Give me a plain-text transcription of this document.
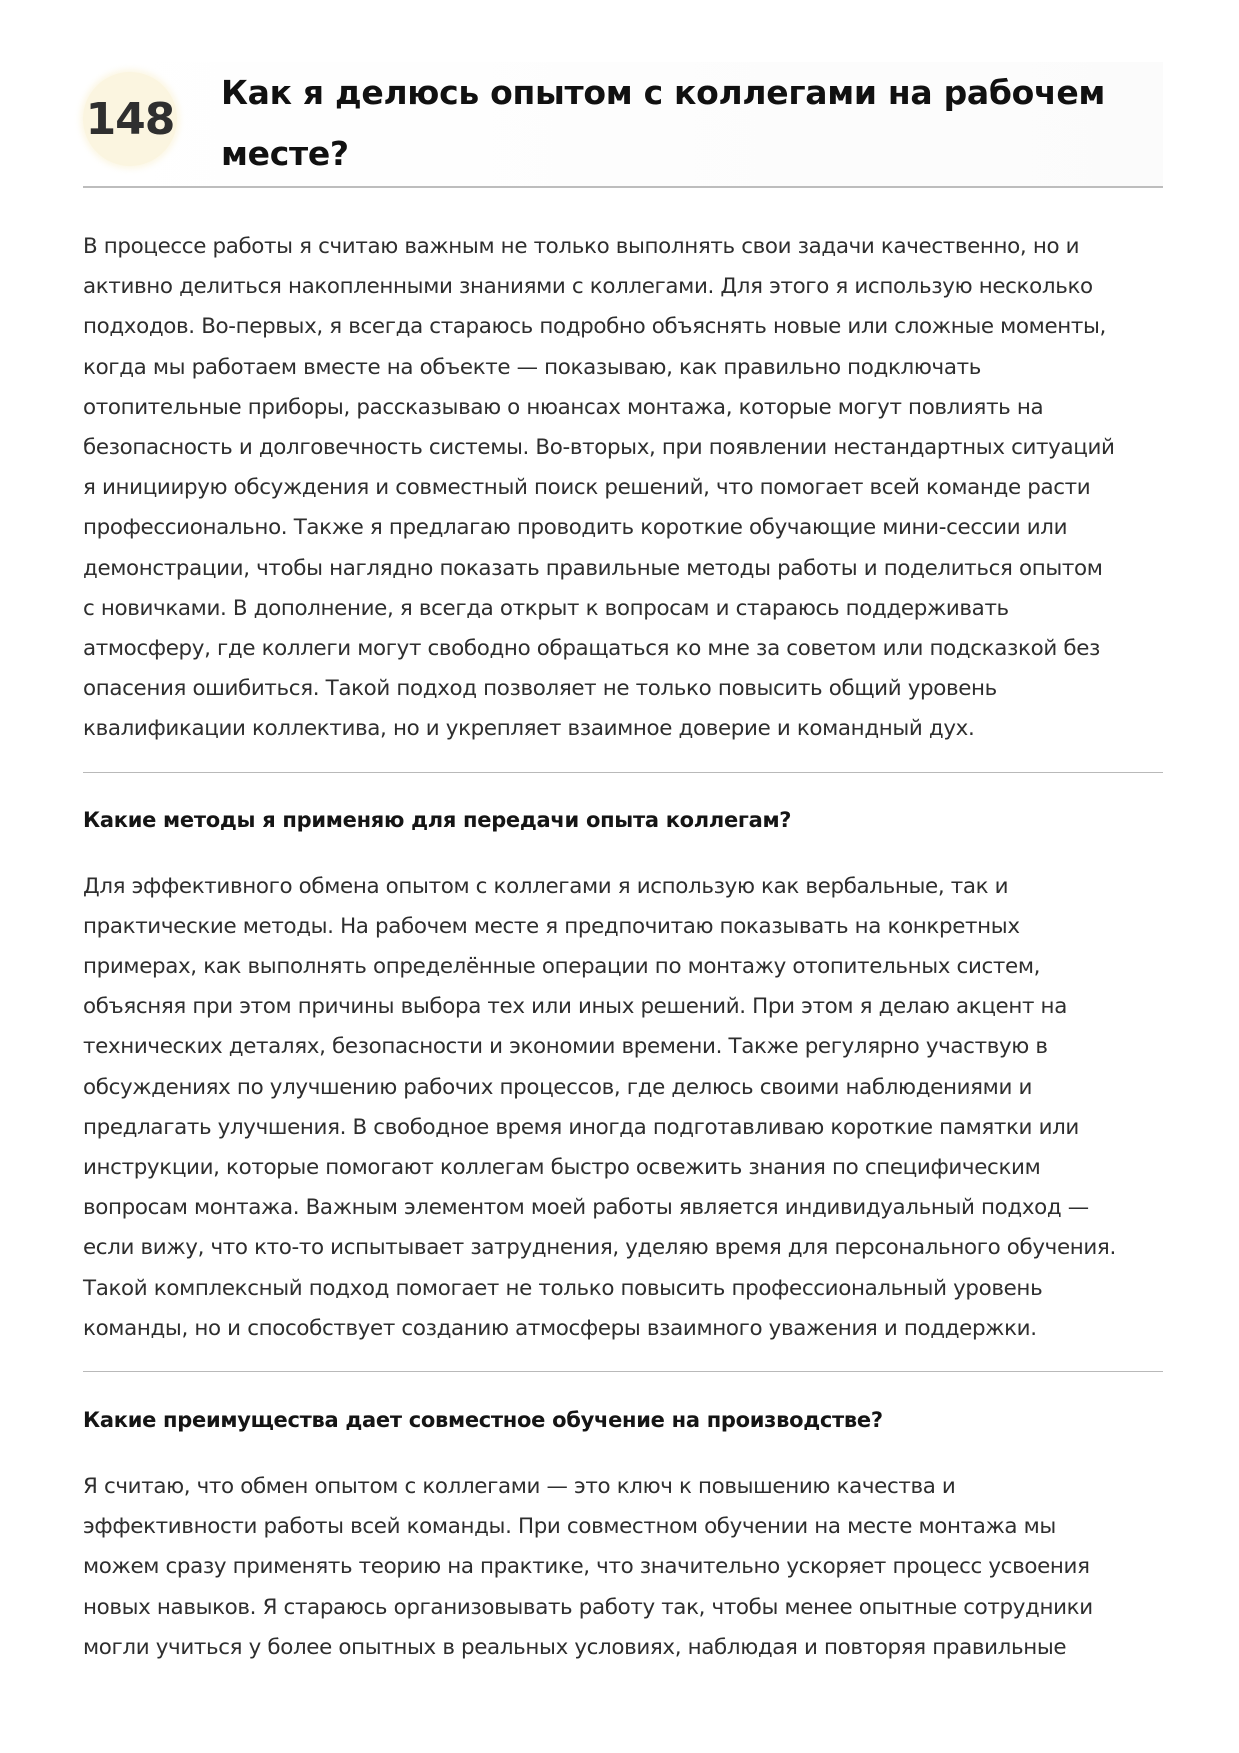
148
Как я делюсь опытом с коллегами на рабочем месте?

В процессе работы я считаю важным не только выполнять свои задачи качественно, но и
активно делиться накопленными знаниями с коллегами. Для этого я использую несколько
подходов. Во-первых, я всегда стараюсь подробно объяснять новые или сложные моменты,
когда мы работаем вместе на объекте — показываю, как правильно подключать
отопительные приборы, рассказываю о нюансах монтажа, которые могут повлиять на
безопасность и долговечность системы. Во-вторых, при появлении нестандартных ситуаций
я инициирую обсуждения и совместный поиск решений, что помогает всей команде расти
профессионально. Также я предлагаю проводить короткие обучающие мини-сессии или
демонстрации, чтобы наглядно показать правильные методы работы и поделиться опытом
с новичками. В дополнение, я всегда открыт к вопросам и стараюсь поддерживать
атмосферу, где коллеги могут свободно обращаться ко мне за советом или подсказкой без
опасения ошибиться. Такой подход позволяет не только повысить общий уровень
квалификации коллектива, но и укрепляет взаимное доверие и командный дух.

Какие методы я применяю для передачи опыта коллегам?

Для эффективного обмена опытом с коллегами я использую как вербальные, так и
практические методы. На рабочем месте я предпочитаю показывать на конкретных
примерах, как выполнять определённые операции по монтажу отопительных систем,
объясняя при этом причины выбора тех или иных решений. При этом я делаю акцент на
технических деталях, безопасности и экономии времени. Также регулярно участвую в
обсуждениях по улучшению рабочих процессов, где делюсь своими наблюдениями и
предлагать улучшения. В свободное время иногда подготавливаю короткие памятки или
инструкции, которые помогают коллегам быстро освежить знания по специфическим
вопросам монтажа. Важным элементом моей работы является индивидуальный подход —
если вижу, что кто-то испытывает затруднения, уделяю время для персонального обучения.
Такой комплексный подход помогает не только повысить профессиональный уровень
команды, но и способствует созданию атмосферы взаимного уважения и поддержки.

Какие преимущества дает совместное обучение на производстве?

Я считаю, что обмен опытом с коллегами — это ключ к повышению качества и
эффективности работы всей команды. При совместном обучении на месте монтажа мы
можем сразу применять теорию на практике, что значительно ускоряет процесс усвоения
новых навыков. Я стараюсь организовывать работу так, чтобы менее опытные сотрудники
могли учиться у более опытных в реальных условиях, наблюдая и повторяя правильные
